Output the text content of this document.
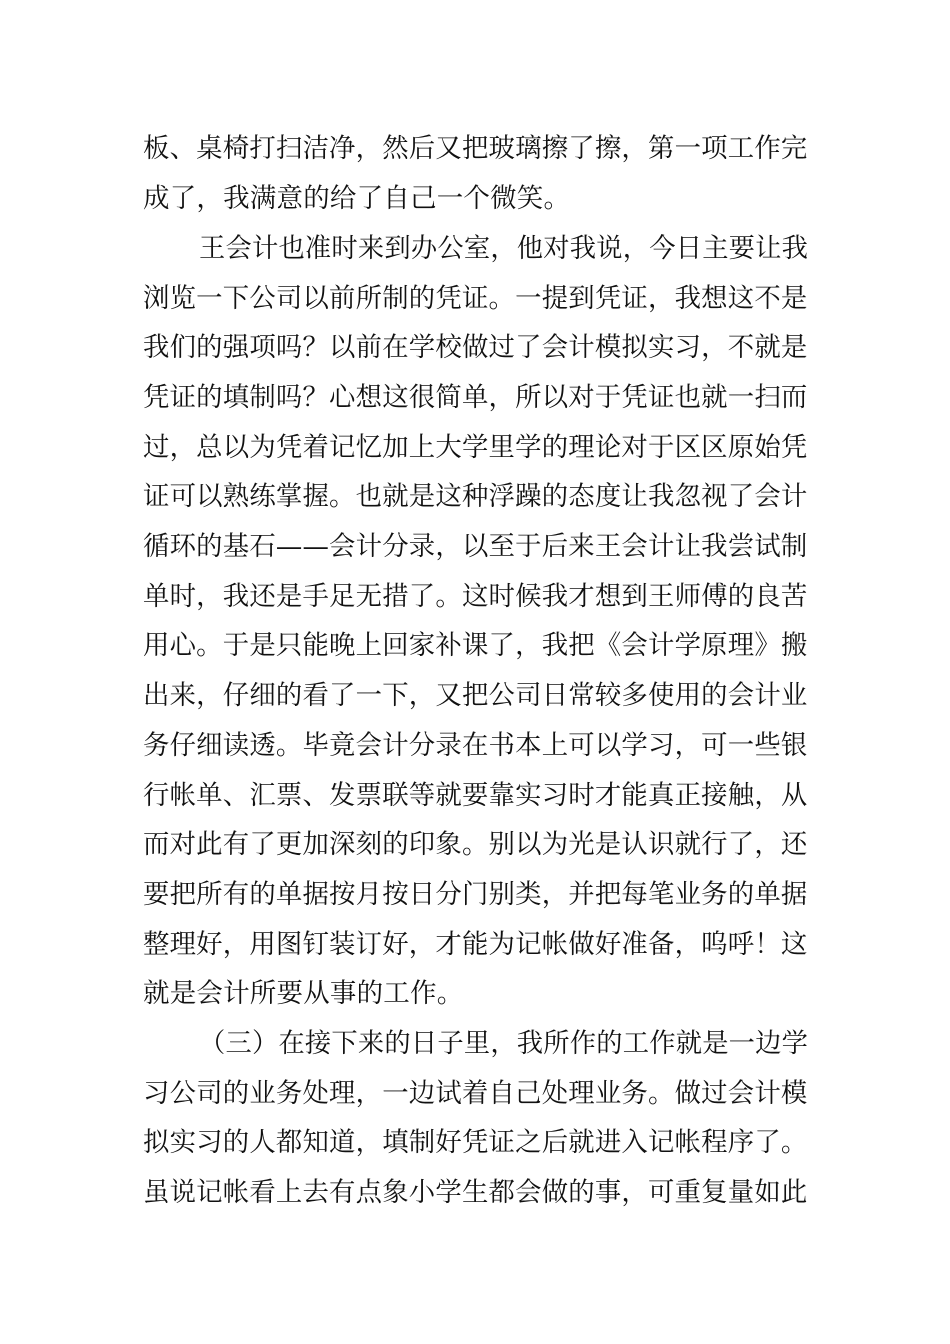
板、桌椅打扫洁净，然后又把玻璃擦了擦，第一项工作完
成了，我满意的给了自己一个微笑。
王会计也准时来到办公室，他对我说，今日主要让我
浏览一下公司以前所制的凭证。一提到凭证，我想这不是
我们的强项吗？以前在学校做过了会计模拟实习，不就是
凭证的填制吗？心想这很简单，所以对于凭证也就一扫而
过，总以为凭着记忆加上大学里学的理论对于区区原始凭
证可以熟练掌握。也就是这种浮躁的态度让我忽视了会计
循环的基石——会计分录，以至于后来王会计让我尝试制
单时，我还是手足无措了。这时候我才想到王师傅的良苦
用心。于是只能晚上回家补课了，我把《会计学原理》搬
出来，仔细的看了一下，又把公司日常较多使用的会计业
务仔细读透。毕竟会计分录在书本上可以学习，可一些银
行帐单、汇票、发票联等就要靠实习时才能真正接触，从
而对此有了更加深刻的印象。别以为光是认识就行了，还
要把所有的单据按月按日分门别类，并把每笔业务的单据
整理好，用图钉装订好，才能为记帐做好准备，呜呼！这
就是会计所要从事的工作。
（三）在接下来的日子里，我所作的工作就是一边学
习公司的业务处理，一边试着自己处理业务。做过会计模
拟实习的人都知道，填制好凭证之后就进入记帐程序了。
虽说记帐看上去有点象小学生都会做的事，可重复量如此
